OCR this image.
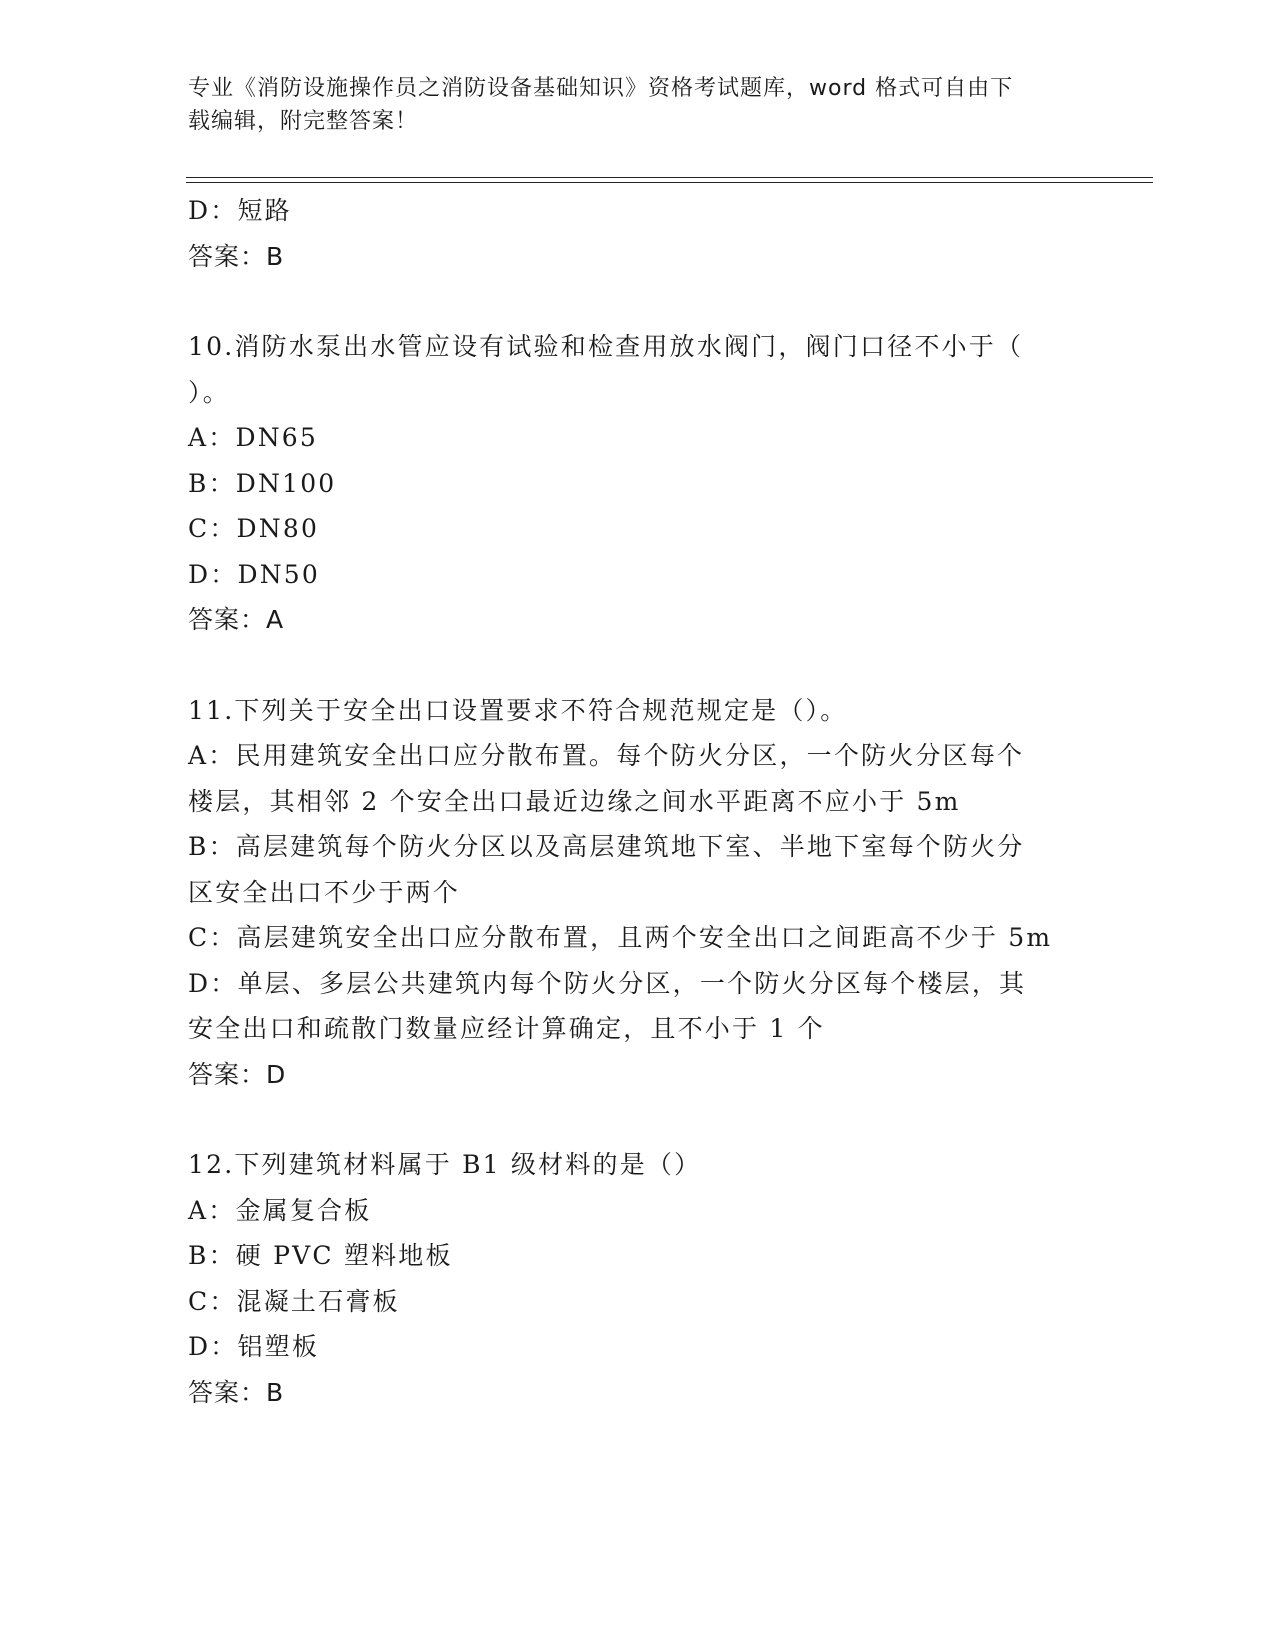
专业《消防设施操作员之消防设备基础知识》资格考试题库，word 格式可自由下
载编辑，附完整答案！
D：短路
答案：B
10.消防水泵出水管应设有试验和检查用放水阀门，阀门口径不小于（
）。
A：DN65
B：DN100
C：DN80
D：DN50
答案：A
11.下列关于安全出口设置要求不符合规范规定是（）。
A：民用建筑安全出口应分散布置。每个防火分区，一个防火分区每个
楼层，其相邻 2 个安全出口最近边缘之间水平距离不应小于 5m
B：高层建筑每个防火分区以及高层建筑地下室、半地下室每个防火分
区安全出口不少于两个
C：高层建筑安全出口应分散布置，且两个安全出口之间距高不少于 5m
D：单层、多层公共建筑内每个防火分区，一个防火分区每个楼层，其
安全出口和疏散门数量应经计算确定，且不小于 1 个
答案：D
12.下列建筑材料属于 B1 级材料的是（）
A：金属复合板
B：硬 PVC 塑料地板
C：混凝土石膏板
D：铝塑板
答案：B
